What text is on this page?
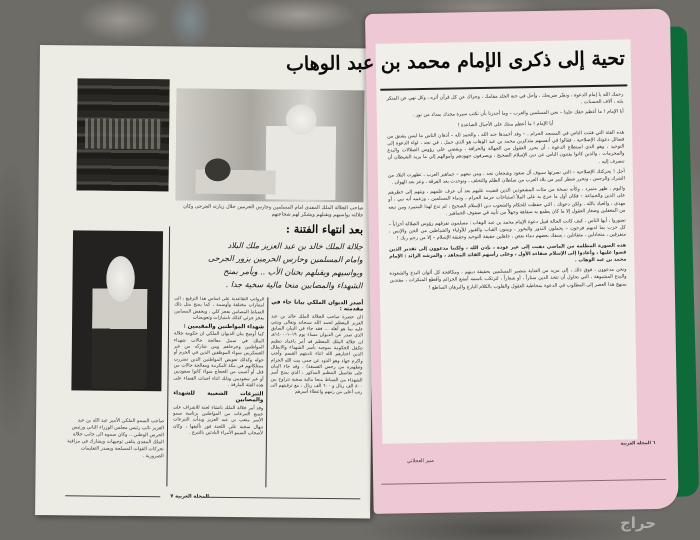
صاحب الجلالة الملك المفدى امام المسلمين وحارس الحرمين خلال زيارته الجرحى وكان جلالته يواسيهم ويقبلهم ويشكر لهم شجاعتهم
بعد انتهاء الفتنة :
جلالة الملك خالد بن عبد العزيز ملك البلاد
وامام المسلمين وحارس الحرمين يزور الجرحى
ويواسيهم ويقبلهم بحنان الأب .. ويأمر بمنح
الشهداء والمصابين منحا مالية سخية جدا .
صاحب السمو الملكي الأمير عبد الله بن عبد العزيز نائب رئيس مجلس الوزراء الثاني ورئيس الحرس الوطني .. وكان سموه الى جانب جلالة الملك المفدى يتلقى توجيهات ويشارك في مراقبة تحركات القوات المسلحة ويصدر التعليمات الضرورية .
الرواتب التقاعدية على أساس هذا الترفيع ، الى امتيازات مختلفة وأوسمة ، كما يمنح مثل ذلك الضباط المصابين بعجز كلي ، ويخفض المصابين بعجز جزئي كذلك بامتيازات وتعويضات
شهداء المواطنين والمقيمين :
كما أوضح بيان الديوان الملكي ان حكومة جلالة الملك في سبيل معالجة حالات شهداء المواطنين وجرحاهم ومن شاركه من غير العسكريين سواء الموظفين الذين في الحرم أو حوله وكذلك تعويض المواطنين الذين تضررت ممتلكاتهم في مكة المكرمة ومعالجة حالات من قتل أو أصيب من الحجاج سواء كانوا سعوديين أو غير سعوديين وذلك اثناء احداث القضاء على هذه الفئة المارقة .
التبرعات الشعبية للشهداء والمصابين
وقد أمر جلالة الملك بانشاء لجنة للاشراف على جميع التبرعات من المواطنين برئاسة سمو الأمير متعب بن عبد العزيز وبدأت التبرعات تنهال سخية على اللجنة فور تأليفها ، وكان لأصحاب السمو الأمراء البادئين بالتبرع .
أصدر الديوان الملكي بيانا جاء في مقدمته :
(ان حضرة صاحب الجلالة الملك خالد بن عبد العزيز المعظم لحمد الله سبحانه وتعالى ويثني عليه بما هو أهله ... فقد جاء في البيان السابق الذي صدر عن الديوان مساء يوم ١٩–١–١٤٠٠هـ ان جلالة الملك المعظم قد أمر باعداد تنظيم تتكفل الحكومة بموجبه بأسر الشهداء والابطال الذين اختارهم الله اثناء تاديتهم القسم وأجب واكرم جهاد وهو الذود عن حمى بيت الله الحرام وتطهيره من رجس الفسقة) . وقد جاء البيان على تفاصيل التنظيم المذكور ، الذي يمنح أسر الشهداء من الضباط منحا مالية سخية تتراوح بين ٨٠٠ الف ريال و ٦٠٠ الف ريال ، مع ترقيتهم الى رتب أعلى من رتبهم واعطاء أسرهم
المجلة العربية ٧
تحية إلى ذكرى الإمام محمد بن عبد الوهاب

رحمك الله يا إمام الدعوة ، ونضّر ضريحك ، وأحل في جنة الخلد مقامك ، وجزاك عن كل قرآن أثره ، وكل نهي عن المنكر بثثه ، آلاف الحسنات .

أيا الإمام ! ما أعظم حقك علينا – نحن المسلمين والعرب – وما أجدرنا بأن نكتب سيرة مجدك بمداد من نور .

أيا الإمام ! ما أعظم منتك على الأجيال الصاعدة !

هذه الفئة التي فتنت الناس في المسجد الحرام ، – وقد أخمدها جند الله ، والحمد لله – أذهان الناس ما ليس يشتق من فضائل دعوتك الإصلاحية ، فقالوا في أنفسهم متذكرين محمد بن عبد الوهاب هو الذي حمل ، في نجد ، لواء الدعوة إلى التوحيد ، وهو الذي استطاع الدعوة ، أن يحرر العقول من الجهالة والخرافة ، ويقضي على رؤوس الضلالات والبدع والمحرمات ، والذين كانوا يفتنون الناس عن دين الإسلام الصحيح ، ويصرفون جهودهم وأموالهم إلى ما يريد الشيطان أن تنصرف إليه .

أجل ! بحركتك الإصلاحية – التي نصرتها سيوف آل سعود وشجعان نجد ، ومن تبعهم – جماهير العرب ، تطهرت البلاد من الشرك والرجس ، وتحرر شطر كبير من بلاد العرب من سلطان الظلم والتخلف ، وتوحدت بعد الفرقة ، وعز بعد الهوان .

واليوم ، ظهر متمرد ، وكأنه نسخة من مئات المشعوذين الذين قضيت عليهم بعد أن عرف علمهم ، وبثهم إلى خطرهم على الدين والجماعة – فكان أول ما خرج به على الملأ استباحات حرمة الحرام ، ودماء المسلمين ، وزعمه أنه نبي ، أو مهدي ، والعياذ بالله ، ولكن دعوتك ، التي حفظت للحكام والشعوب دين الإسلام الصحيح ، لم تدع لهذا المتمرد ومن تبعه من المغفلين وصغار العقول إلا ما كان يطمع به سفاهة وجهلاً من تأييد في صفوف الجماهير .

تصوروا ، أيها الناس ، كيف كانت الحالة قبيل دعوة الإمام محمد بن عبد الوهاب : مسلمون تفرقهم رؤوس الضلالة أحزاباً – كل حزب بما لديهم فرحون – يحملون النذور والبخور ، ويبنون القباب والقبور للأولياء والشياطين من الجن والإنس ، متفرقين ، متخاذلين ، متقاتلين ، يسفك بعضهم دماء بعض ، جاهلين حقيقة التوحيد وحقيقة الإسلام – إلا من رحم ربك !

هذه الصورة المظلمة من الماضي ذهبت إلى غير عودة ، بإذن الله ، ولكننا مدعوون إلى تقدير الذين قضوا عليها ، وأعادوا إلى الإسلام صفاءه الأول ، وعلى رأسهم القائد المجاهد ، والمرشد الرائد : الإمام محمد بن عبد الوهاب .

ونحن مدعوون ، فوق ذلك ، إلى مزيد من العناية بتبصير المسلمين بحقيقة دينهم ، ومكافحة كل ألوان البدع والشعوذة والبدع المشبوهة ، التي تحاول أن تتخذ الدين ستاراً ، أو شعاراً ، لترتكب باسمه أبشع الجرائم وأقطع المنكرات ، مقتدين بمنهج هذا العصر إلى المطلوب في الدعوة بمخاطبة العقول والقلوب بالكلام البارع والبرهان الساطع !

٦ المجلة العربية
منير العجلاني
حراج
